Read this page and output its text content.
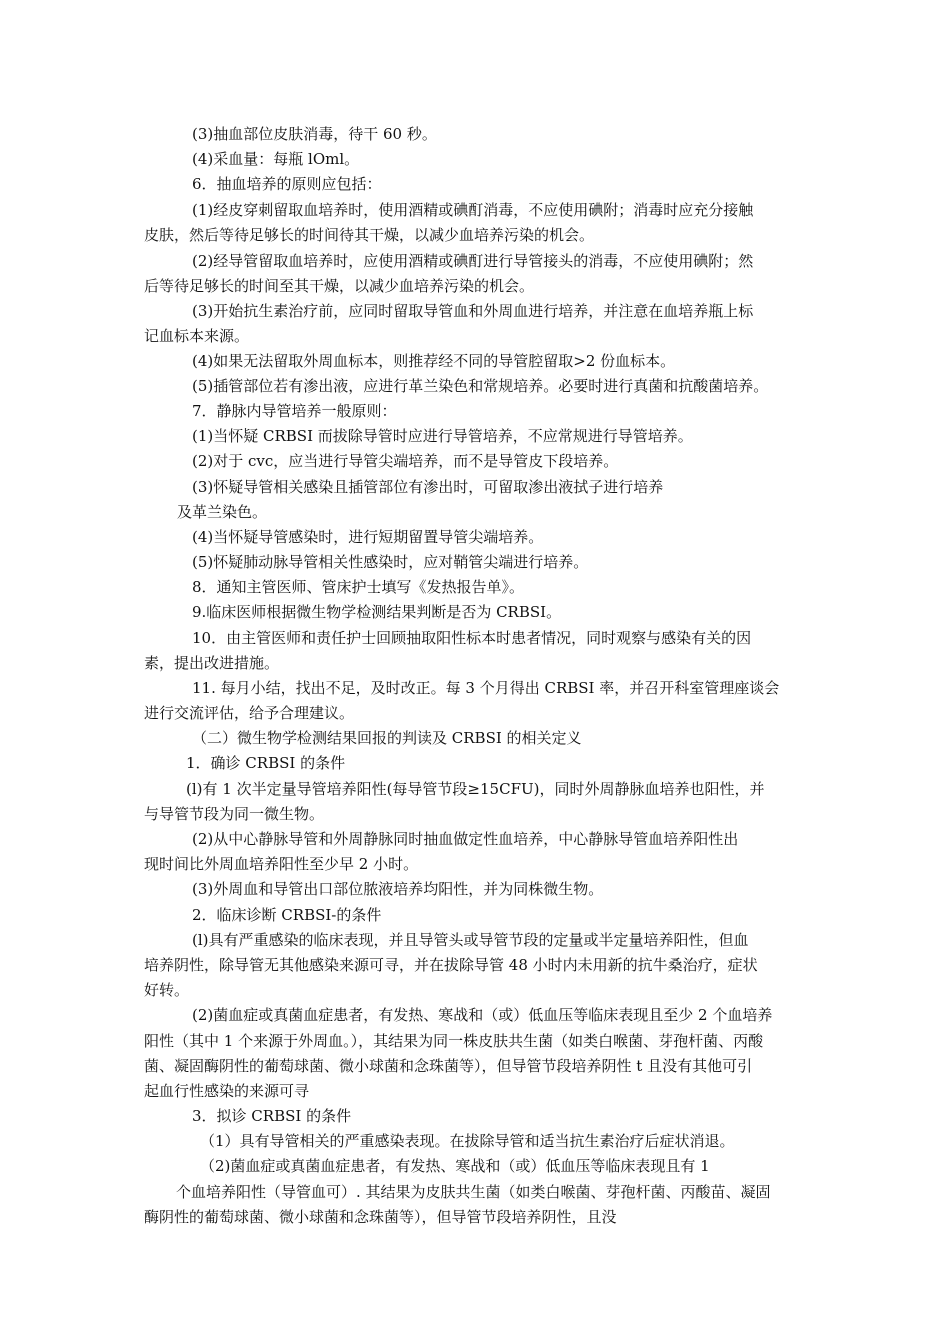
(3)抽血部位皮肤消毒，待干 60 秒。
(4)采血量：每瓶 lOml。
6．抽血培养的原则应包括：
(1)经皮穿刺留取血培养时，使用酒精或碘酊消毒，不应使用碘附；消毒时应充分接触
皮肤，然后等待足够长的时间待其干燥，以减少血培养污染的机会。
(2)经导管留取血培养时，应使用酒精或碘酊进行导管接头的消毒，不应使用碘附；然
后等待足够长的时间至其干燥，以减少血培养污染的机会。
(3)开始抗生素治疗前，应同时留取导管血和外周血进行培养，并注意在血培养瓶上标
记血标本来源。
(4)如果无法留取外周血标本，则推荐经不同的导管腔留取>2 份血标本。
(5)插管部位若有渗出液，应进行革兰染色和常规培养。必要时进行真菌和抗酸菌培养。
7．静脉内导管培养一般原则：
(1)当怀疑 CRBSI 而拔除导管时应进行导管培养，不应常规进行导管培养。
(2)对于 cvc，应当进行导管尖端培养，而不是导管皮下段培养。
(3)怀疑导管相关感染且插管部位有渗出时，可留取渗出液拭子进行培养
及革兰染色。
(4)当怀疑导管感染时，进行短期留置导管尖端培养。
(5)怀疑肺动脉导管相关性感染时，应对鞘管尖端进行培养。
8．通知主管医师、管床护士填写《发热报告单》。
9.临床医师根据微生物学检测结果判断是否为 CRBSI。
10．由主管医师和责任护士回顾抽取阳性标本时患者情况，同时观察与感染有关的因
素，提出改进措施。
11. 每月小结，找出不足，及时改正。每 3 个月得出 CRBSI 率，并召开科室管理座谈会
进行交流评估，给予合理建议。
（二）微生物学检测结果回报的判读及 CRBSI 的相关定义
1．确诊 CRBSI 的条件
(l)有 1 次半定量导管培养阳性(每导管节段≥15CFU)，同时外周静脉血培养也阳性，并
与导管节段为同一微生物。
(2)从中心静脉导管和外周静脉同时抽血做定性血培养，中心静脉导管血培养阳性出
现时间比外周血培养阳性至少早 2 小时。
(3)外周血和导管出口部位脓液培养均阳性，并为同株微生物。
2．临床诊断 CRBSI-的条件
(l)具有严重感染的临床表现，并且导管头或导管节段的定量或半定量培养阳性，但血
培养阴性，除导管无其他感染来源可寻，并在拔除导管 48 小时内未用新的抗牛桑治疗，症状
好转。
(2)菌血症或真菌血症患者，有发热、寒战和（或）低血压等临床表现且至少 2 个血培养
阳性（其中 1 个来源于外周血。），其结果为同一株皮肤共生菌（如类白喉菌、芽孢杆菌、丙酸
菌、凝固酶阴性的葡萄球菌、微小球菌和念珠菌等），但导管节段培养阴性 t 且没有其他可引
起血行性感染的来源可寻
3．拟诊 CRBSI 的条件
（1）具有导管相关的严重感染表现。在拔除导管和适当抗生素治疗后症状消退。
（2)菌血症或真菌血症患者，有发热、寒战和（或）低血压等临床表现且有 1
个血培养阳性（导管血可）. 其结果为皮肤共生菌（如类白喉菌、芽孢杆菌、丙酸苗、凝固
酶阴性的葡萄球菌、微小球菌和念珠菌等），但导管节段培养阴性，且没
